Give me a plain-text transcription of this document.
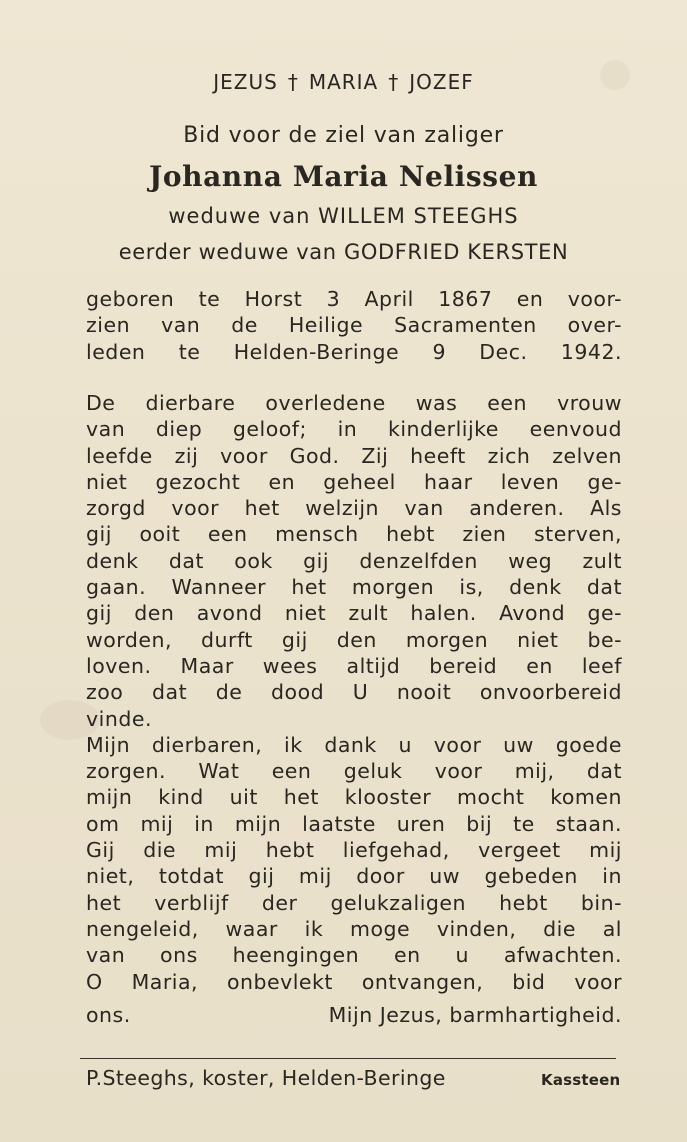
JEZUS † MARIA † JOZEF
Bid voor de ziel van zaliger
Johanna Maria Nelissen
weduwe van WILLEM STEEGHS
eerder weduwe van GODFRIED KERSTEN
geboren te Horst 3 April 1867 en voor-
zien van de Heilige Sacramenten over-
leden te Helden-Beringe 9 Dec. 1942.
De dierbare overledene was een vrouw
van diep geloof; in kinderlijke eenvoud
leefde zij voor God. Zij heeft zich zelven
niet gezocht en geheel haar leven ge-
zorgd voor het welzijn van anderen. Als
gij ooit een mensch hebt zien sterven,
denk dat ook gij denzelfden weg zult
gaan. Wanneer het morgen is, denk dat
gij den avond niet zult halen. Avond ge-
worden, durft gij den morgen niet be-
loven. Maar wees altijd bereid en leef
zoo dat de dood U nooit onvoorbereid
vinde.
Mijn dierbaren, ik dank u voor uw goede
zorgen. Wat een geluk voor mij, dat
mijn kind uit het klooster mocht komen
om mij in mijn laatste uren bij te staan.
Gij die mij hebt liefgehad, vergeet mij
niet, totdat gij mij door uw gebeden in
het verblijf der gelukzaligen hebt bin-
nengeleid, waar ik moge vinden, die al
van ons heengingen en u afwachten.
O Maria, onbevlekt ontvangen, bid voor
ons.	Mijn Jezus, barmhartigheid.
P.Steeghs, koster, Helden-Beringe	Kassteen
